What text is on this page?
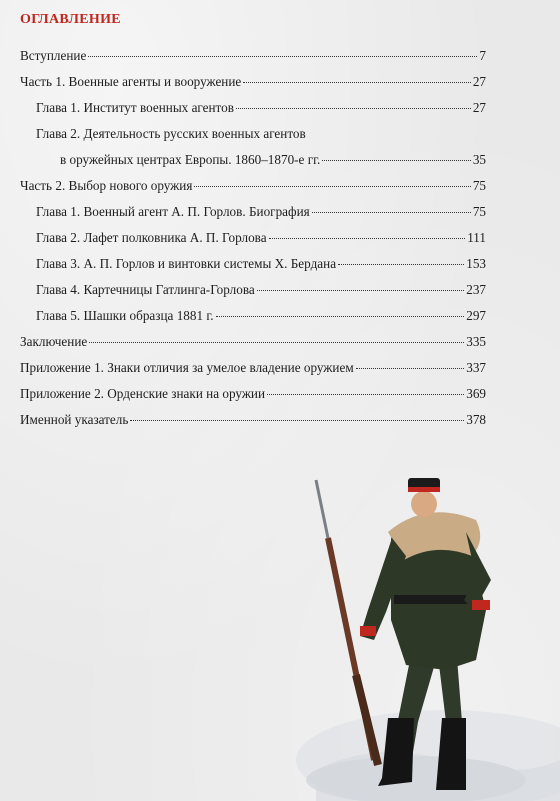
ОГЛАВЛЕНИЕ
Вступление	7
Часть 1. Военные агенты и вооружение	27
Глава 1. Институт военных агентов	27
Глава 2. Деятельность русских военных агентов
в оружейных центрах Европы. 1860–1870-е гг.	35
Часть 2. Выбор нового оружия	75
Глава 1. Военный агент А. П. Горлов. Биография	75
Глава 2. Лафет полковника А. П. Горлова	111
Глава 3. А. П. Горлов и винтовки системы Х. Бердана	153
Глава 4. Картечницы Гатлинга-Горлова	237
Глава 5. Шашки образца 1881 г.	297
Заключение	335
Приложение 1. Знаки отличия за умелое владение оружием	337
Приложение 2. Орденские знаки на оружии	369
Именной указатель	378
